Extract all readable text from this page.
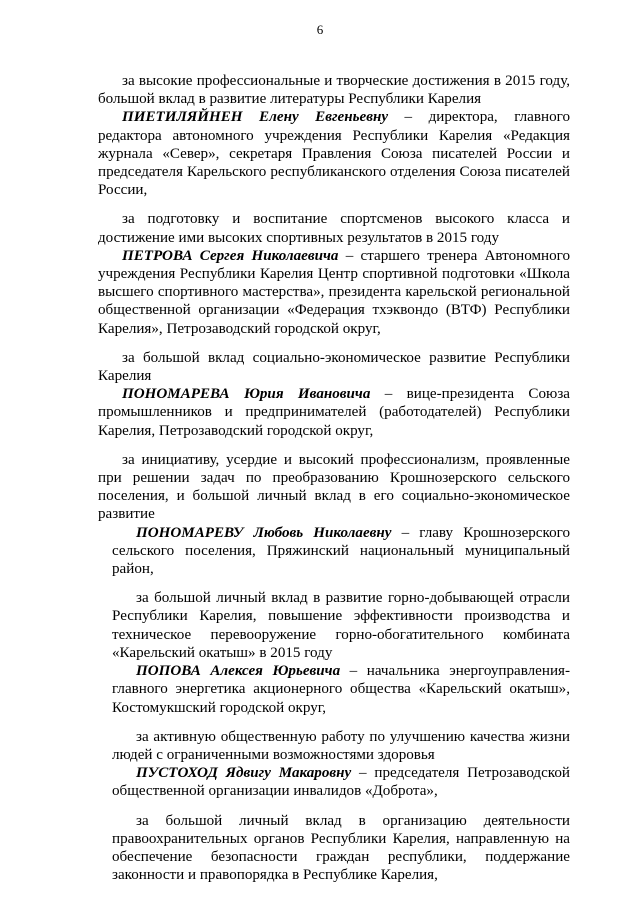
6
за высокие профессиональные и творческие достижения в 2015 году, большой вклад в развитие литературы Республики Карелия
ПИЕТИЛЯЙНЕН Елену Евгеньевну – директора, главного редактора автономного учреждения Республики Карелия «Редакция журнала «Север», секретаря Правления Союза писателей России и председателя Карельского республиканского отделения Союза писателей России,
за подготовку и воспитание спортсменов высокого класса и достижение ими высоких спортивных результатов в 2015 году
ПЕТРОВА Сергея Николаевича – старшего тренера Автономного учреждения Республики Карелия Центр спортивной подготовки «Школа высшего спортивного мастерства», президента карельской региональной общественной организации «Федерация тхэквондо (ВТФ) Республики Карелия», Петрозаводский городской округ,
за большой вклад социально-экономическое развитие Республики Карелия
ПОНОМАРЕВА Юрия Ивановича – вице-президента Союза промышленников и предпринимателей (работодателей) Республики Карелия, Петрозаводский городской округ,
за инициативу, усердие и высокий профессионализм, проявленные при решении задач по преобразованию Крошнозерского сельского поселения, и большой личный вклад в его социально-экономическое развитие
ПОНОМАРЕВУ Любовь Николаевну – главу Крошнозерского сельского поселения, Пряжинский национальный муниципальный район,
за большой личный вклад в развитие горно-добывающей отрасли Республики Карелия, повышение эффективности производства и техническое перевооружение горно-обогатительного комбината «Карельский окатыш» в 2015 году
ПОПОВА Алексея Юрьевича – начальника энергоуправления-главного энергетика акционерного общества «Карельский окатыш», Костомукшский городской округ,
за активную общественную работу по улучшению качества жизни людей с ограниченными возможностями здоровья
ПУСТОХОД Ядвигу Макаровну – председателя Петрозаводской общественной организации инвалидов «Доброта»,
за большой личный вклад в организацию деятельности правоохранительных органов Республики Карелия, направленную на обеспечение безопасности граждан республики, поддержание законности и правопорядка в Республике Карелия,
